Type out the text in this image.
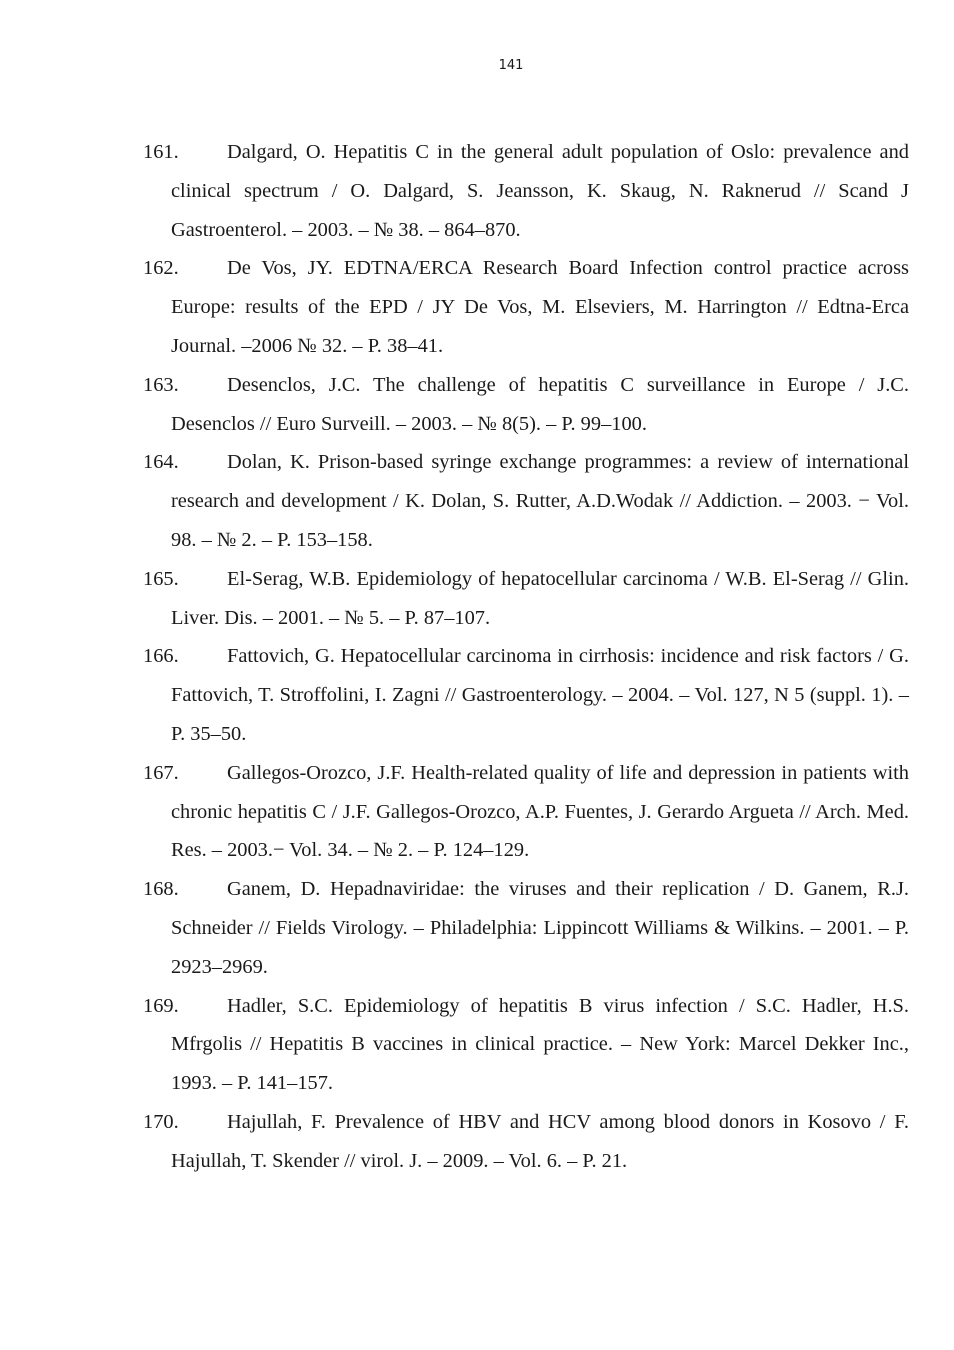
141
161.	Dalgard, O. Hepatitis C in the general adult population of Oslo: prevalence and clinical spectrum / O. Dalgard, S. Jeansson, K. Skaug, N. Raknerud // Scand J Gastroenterol. – 2003. – № 38. – 864–870.
162.	De Vos, JY. EDTNA/ERCA Research Board Infection control practice across Europe: results of the EPD / JY De Vos, M. Elseviers, M. Harrington // Edtna-Erca Journal. –2006 № 32. – P. 38–41.
163.	Desenclos, J.C. The challenge of hepatitis C surveillance in Europe / J.C. Desenclos // Euro Surveill. – 2003. – № 8(5). – P. 99–100.
164.	Dolan, K. Prison-based syringe exchange programmes: a review of international research and development / K. Dolan, S. Rutter, A.D.Wodak // Addiction. – 2003. − Vol. 98. – № 2. – P. 153–158.
165.	El-Serag, W.B. Epidemiology of hepatocellular carcinoma / W.B. El-Serag // Glin. Liver. Dis. – 2001. – № 5. – P. 87–107.
166.	Fattovich, G. Hepatocellular carcinoma in cirrhosis: incidence and risk factors / G. Fattovich, T. Stroffolini, I. Zagni // Gastroenterology. – 2004. – Vol. 127, N 5 (suppl. 1). – P. 35–50.
167.	Gallegos-Orozco, J.F. Health-related quality of life and depression in patients with chronic hepatitis C / J.F. Gallegos-Orozco, A.P. Fuentes, J. Gerardo Argueta // Arch. Med. Res. – 2003.− Vol. 34. – № 2. – P. 124–129.
168.	Ganem, D. Hepadnaviridae: the viruses and their replication / D. Ganem, R.J. Schneider // Fields Virology. – Philadelphia: Lippincott Williams & Wilkins. – 2001. – P. 2923–2969.
169.	Hadler, S.C. Epidemiology of hepatitis B virus infection / S.C. Hadler, H.S. Mfrgolis // Hepatitis B vaccines in clinical practice. – New York: Marcel Dekker Inc., 1993. – P. 141–157.
170.	Hajullah, F. Prevalence of HBV and HCV among blood donors in Kosovo / F. Hajullah, T. Skender // virol. J. – 2009. – Vol. 6. – P. 21.
